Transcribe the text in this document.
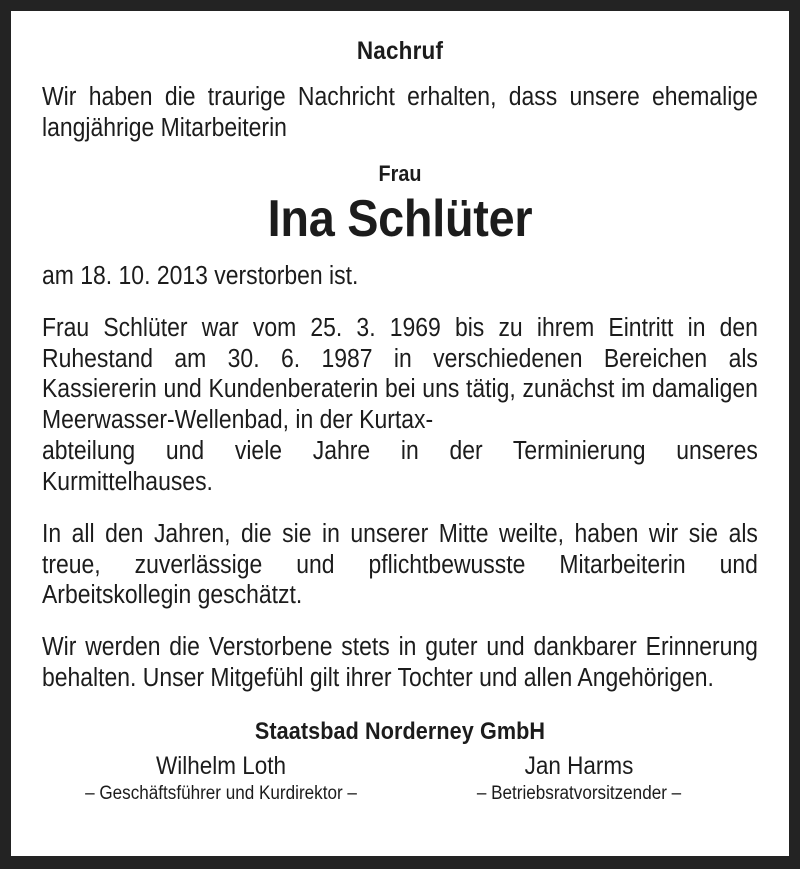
Nachruf

Wir haben die traurige Nachricht erhalten, dass unsere ehemalige langjährige Mitarbeiterin

Frau
Ina Schlüter
am 18. 10. 2013 verstorben ist.

Frau Schlüter war vom 25. 3. 1969 bis zu ihrem Eintritt in den Ruhestand am 30. 6. 1987 in verschiedenen Bereichen als Kassiererin und Kundenberaterin bei uns tätig, zunächst im damaligen Meerwasser-Wellenbad, in der Kurtax-

abteilung und viele Jahre in der Terminierung unseres Kurmittelhauses.

In all den Jahren, die sie in unserer Mitte weilte, haben wir sie als treue, zuverlässige und pflichtbewusste Mitarbeiterin und Arbeitskollegin geschätzt.

Wir werden die Verstorbene stets in guter und dankbarer Erinnerung behalten. Unser Mitgefühl gilt ihrer Tochter und allen Angehörigen.

Staatsbad Norderney GmbH

Wilhelm Loth

– Geschäftsführer und Kurdirektor –

Jan Harms

– Betriebsratvorsitzender –
